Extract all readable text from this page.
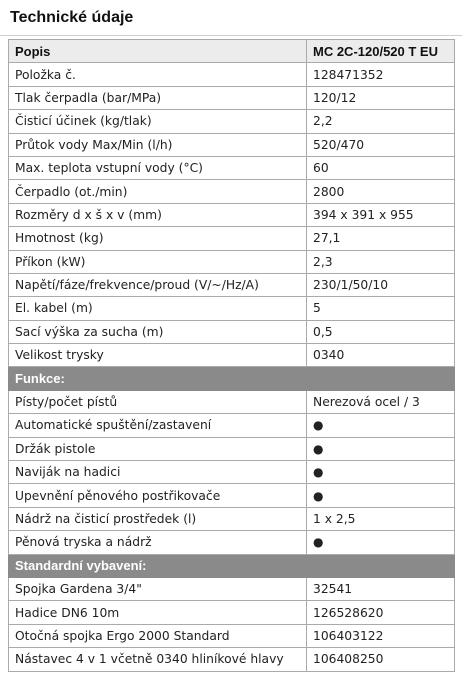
Technické údaje
Popis	MC 2C-120/520 T EU
Položka č.	128471352
Tlak čerpadla (bar/MPa)	120/12
Čisticí účinek (kg/tlak)	2,2
Průtok vody Max/Min (l/h)	520/470
Max. teplota vstupní vody (°C)	60
Čerpadlo (ot./min)	2800
Rozměry d x š x v (mm)	394 x 391 x 955
Hmotnost (kg)	27,1
Příkon (kW)	2,3
Napětí/fáze/frekvence/proud (V/~/Hz/A)	230/1/50/10
El. kabel (m)	5
Sací výška za sucha (m)	0,5
Velikost trysky	0340
Funkce:	
Písty/počet pístů	Nerezová ocel / 3
Automatické spuštění/zastavení	●
Držák pistole	●
Naviják na hadici	●
Upevnění pěnového postřikovače	●
Nádrž na čisticí prostředek (l)	1 x 2,5
Pěnová tryska a nádrž	●
Standardní vybavení:	
Spojka Gardena 3/4"	32541
Hadice DN6 10m	126528620
Otočná spojka Ergo 2000 Standard	106403122
Nástavec 4 v 1 včetně 0340 hliníkové hlavy	106408250
